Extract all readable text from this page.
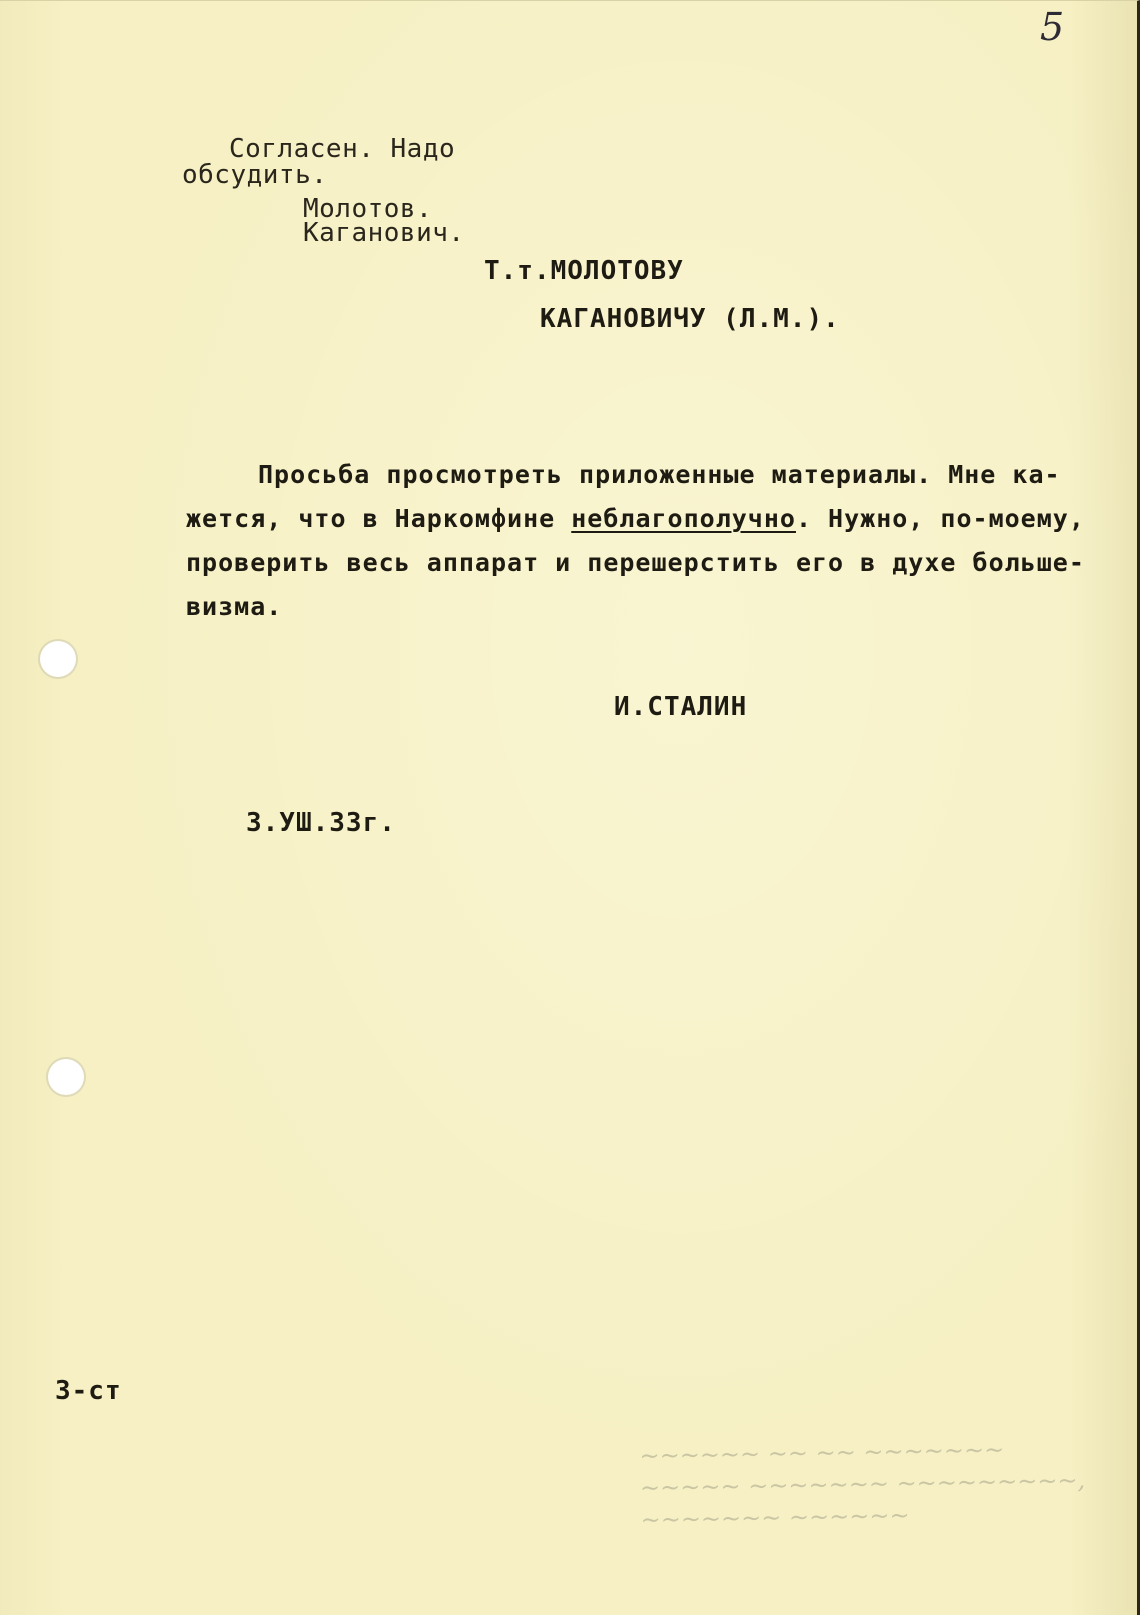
5
Согласен. Надо
обсудить.
Молотов.
Каганович.
Т.т.МОЛОТОВУ
КАГАНОВИЧУ (Л.М.).
Просьба просмотреть приложенные материалы. Мне ка-
жется, что в Наркомфине неблагополучно. Нужно, по-моему,
проверить весь аппарат и перешерстить его в духе больше-
визма.
И.СТАЛИН
3.УШ.33г.
3-ст
~~~~~~ ~~ ~~ ~~~~~~~
~~~~~ ~~~~~~~ ~~~~~~~~~,
~~~~~~~ ~~~~~~
